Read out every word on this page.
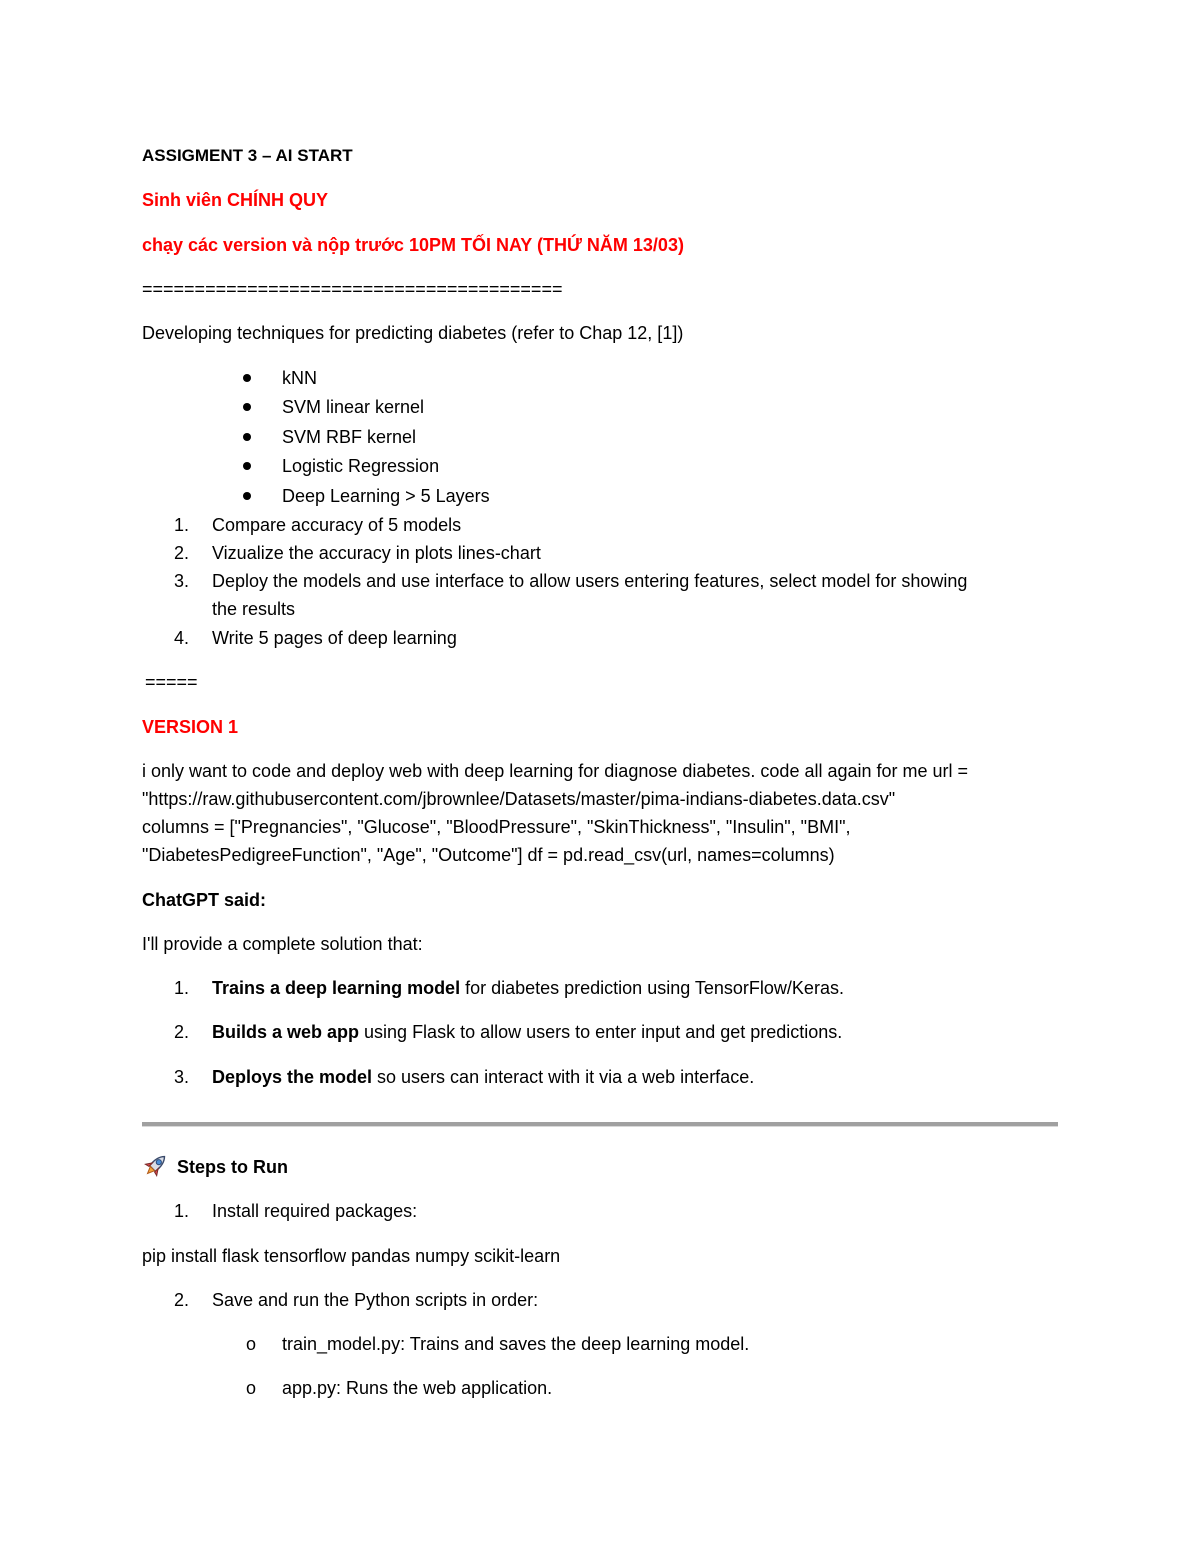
ASSIGMENT 3 – AI START
Sinh viên CHÍNH QUY
chạy các version và nộp trước 10PM TỐI NAY (THỨ NĂM 13/03)
========================================
Developing techniques for predicting diabetes (refer to Chap 12, [1])
kNN
SVM linear kernel
SVM RBF kernel
Logistic Regression
Deep Learning > 5 Layers
1. Compare accuracy of 5 models
2. Vizualize the accuracy in plots lines-chart
3. Deploy the models and use interface to allow users entering features, select model for showing
the results
4. Write 5 pages of deep learning
=====
VERSION 1
i only want to code and deploy web with deep learning for diagnose diabetes. code all again for me url =
"https://raw.githubusercontent.com/jbrownlee/Datasets/master/pima-indians-diabetes.data.csv"
columns = ["Pregnancies", "Glucose", "BloodPressure", "SkinThickness", "Insulin", "BMI",
"DiabetesPedigreeFunction", "Age", "Outcome"] df = pd.read_csv(url, names=columns)
ChatGPT said:
I'll provide a complete solution that:
1. Trains a deep learning model for diabetes prediction using TensorFlow/Keras.
2. Builds a web app using Flask to allow users to enter input and get predictions.
3. Deploys the model so users can interact with it via a web interface.
Steps to Run
1. Install required packages:
pip install flask tensorflow pandas numpy scikit-learn
2. Save and run the Python scripts in order:
o train_model.py: Trains and saves the deep learning model.
o app.py: Runs the web application.
